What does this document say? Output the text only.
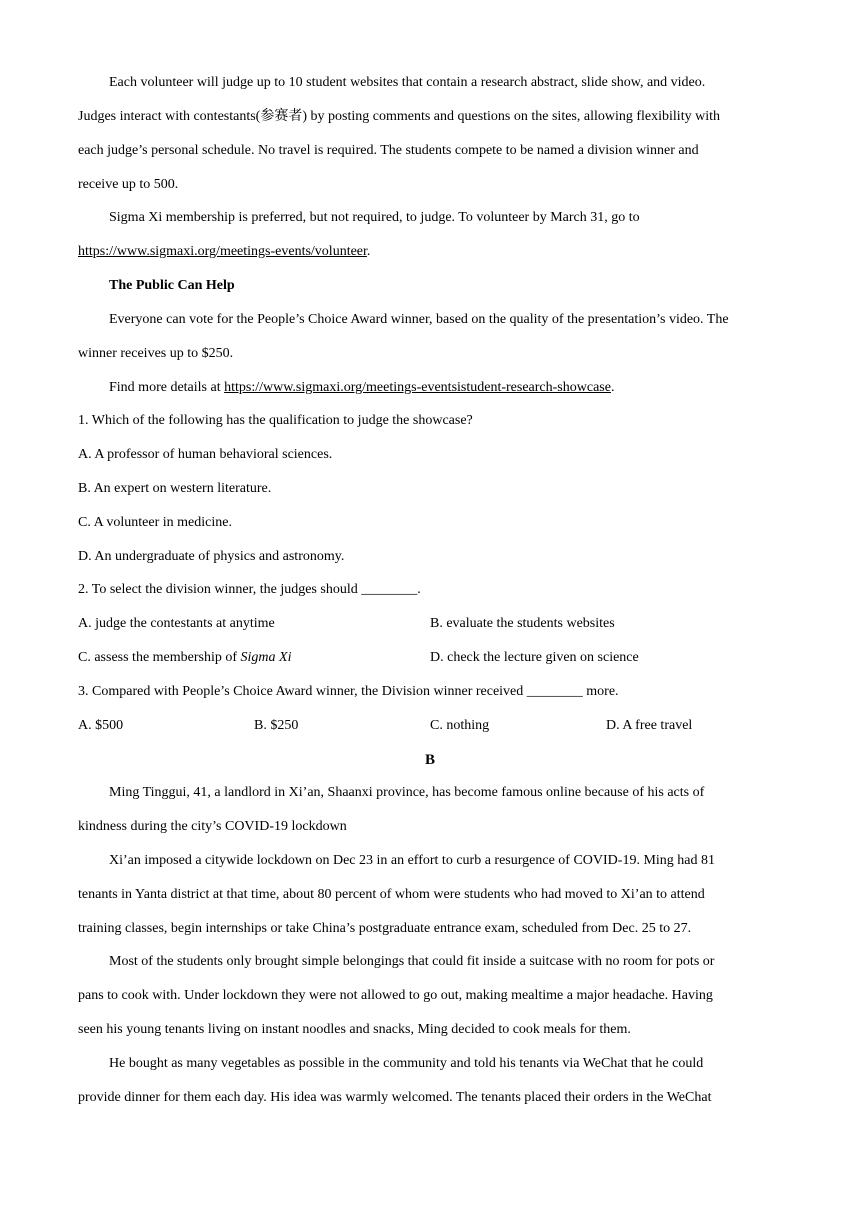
Each volunteer will judge up to 10 student websites that contain a research abstract, slide show, and video.
Judges interact with contestants(参赛者) by posting comments and questions on the sites, allowing flexibility with
each judge’s personal schedule. No travel is required. The students compete to be named a division winner and
receive up to 500.
Sigma Xi membership is preferred, but not required, to judge. To volunteer by March 31, go to
https://www.sigmaxi.org/meetings-events/volunteer.
The Public Can Help
Everyone can vote for the People’s Choice Award winner, based on the quality of the presentation’s video. The
winner receives up to $250.
Find more details at https://www.sigmaxi.org/meetings-eventsistudent-research-showcase.
1. Which of the following has the qualification to judge the showcase?
A. A professor of human behavioral sciences.
B. An expert on western literature.
C. A volunteer in medicine.
D. An undergraduate of physics and astronomy.
2. To select the division winner, the judges should ________.
A. judge the contestants at anytime	B. evaluate the students websites
C. assess the membership of Sigma Xi	D. check the lecture given on science
3. Compared with People’s Choice Award winner, the Division winner received ________ more.
A. $500	B. $250	C. nothing	D. A free travel
B
Ming Tinggui, 41, a landlord in Xi’an, Shaanxi province, has become famous online because of his acts of
kindness during the city’s COVID-19 lockdown
Xi’an imposed a citywide lockdown on Dec 23 in an effort to curb a resurgence of COVID-19. Ming had 81
tenants in Yanta district at that time, about 80 percent of whom were students who had moved to Xi’an to attend
training classes, begin internships or take China’s postgraduate entrance exam, scheduled from Dec. 25 to 27.
Most of the students only brought simple belongings that could fit inside a suitcase with no room for pots or
pans to cook with. Under lockdown they were not allowed to go out, making mealtime a major headache. Having
seen his young tenants living on instant noodles and snacks, Ming decided to cook meals for them.
He bought as many vegetables as possible in the community and told his tenants via WeChat that he could
provide dinner for them each day. His idea was warmly welcomed. The tenants placed their orders in the WeChat
